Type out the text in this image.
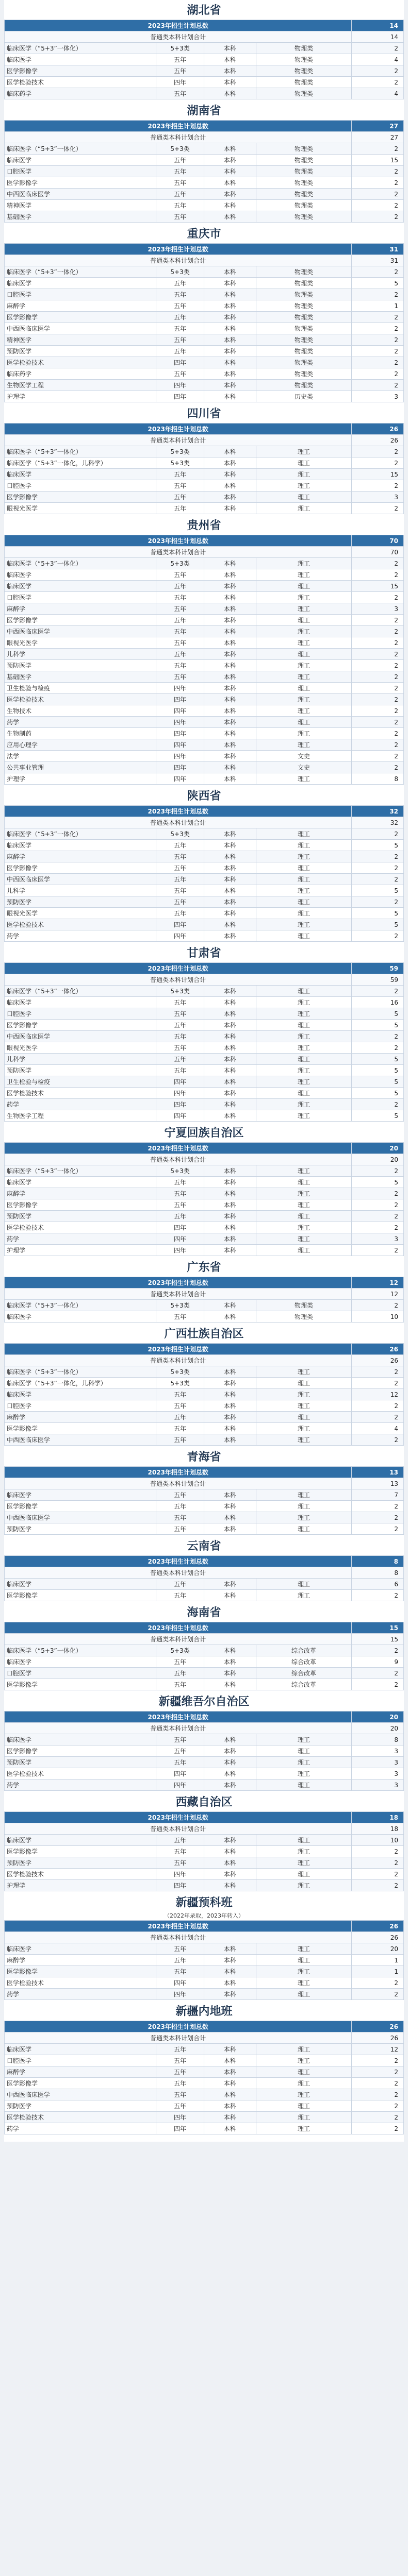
湖北省
2023年招生计划总数				14
普通类本科计划合计				14
临床医学（“5+3”一体化）	5+3类	本科	物理类	2
临床医学	五年	本科	物理类	4
医学影像学	五年	本科	物理类	2
医学检验技术	四年	本科	物理类	2
临床药学	五年	本科	物理类	4
湖南省
2023年招生计划总数				27
普通类本科计划合计				27
临床医学（“5+3”一体化）	5+3类	本科	物理类	2
临床医学	五年	本科	物理类	15
口腔医学	五年	本科	物理类	2
医学影像学	五年	本科	物理类	2
中西医临床医学	五年	本科	物理类	2
精神医学	五年	本科	物理类	2
基础医学	五年	本科	物理类	2
重庆市
2023年招生计划总数				31
普通类本科计划合计				31
临床医学（“5+3”一体化）	5+3类	本科	物理类	2
临床医学	五年	本科	物理类	5
口腔医学	五年	本科	物理类	2
麻醉学	五年	本科	物理类	1
医学影像学	五年	本科	物理类	2
中西医临床医学	五年	本科	物理类	2
精神医学	五年	本科	物理类	2
预防医学	五年	本科	物理类	2
医学检验技术	四年	本科	物理类	2
临床药学	五年	本科	物理类	2
生物医学工程	四年	本科	物理类	2
护理学	四年	本科	历史类	3
四川省
2023年招生计划总数				26
普通类本科计划合计				26
临床医学（“5+3”一体化）	5+3类	本科	理工	2
临床医学（“5+3”一体化，儿科学）	5+3类	本科	理工	2
临床医学	五年	本科	理工	15
口腔医学	五年	本科	理工	2
医学影像学	五年	本科	理工	3
眼视光医学	五年	本科	理工	2
贵州省
2023年招生计划总数				70
普通类本科计划合计				70
临床医学（“5+3”一体化）	5+3类	本科	理工	2
临床医学	五年	本科	理工	2
临床医学	五年	本科	理工	15
口腔医学	五年	本科	理工	2
麻醉学	五年	本科	理工	3
医学影像学	五年	本科	理工	2
中西医临床医学	五年	本科	理工	2
眼视光医学	五年	本科	理工	2
儿科学	五年	本科	理工	2
预防医学	五年	本科	理工	2
基础医学	五年	本科	理工	2
卫生检验与检疫	四年	本科	理工	2
医学检验技术	四年	本科	理工	2
生物技术	四年	本科	理工	2
药学	四年	本科	理工	2
生物制药	四年	本科	理工	2
应用心理学	四年	本科	理工	2
法学	四年	本科	文史	2
公共事业管理	四年	本科	文史	2
护理学	四年	本科	理工	8
陕西省
2023年招生计划总数				32
普通类本科计划合计				32
临床医学（“5+3”一体化）	5+3类	本科	理工	2
临床医学	五年	本科	理工	5
麻醉学	五年	本科	理工	2
医学影像学	五年	本科	理工	2
中西医临床医学	五年	本科	理工	2
儿科学	五年	本科	理工	5
预防医学	五年	本科	理工	2
眼视光医学	五年	本科	理工	5
医学检验技术	四年	本科	理工	5
药学	四年	本科	理工	2
甘肃省
2023年招生计划总数				59
普通类本科计划合计				59
临床医学（“5+3”一体化）	5+3类	本科	理工	2
临床医学	五年	本科	理工	16
口腔医学	五年	本科	理工	5
医学影像学	五年	本科	理工	5
中西医临床医学	五年	本科	理工	2
眼视光医学	五年	本科	理工	2
儿科学	五年	本科	理工	5
预防医学	五年	本科	理工	5
卫生检验与检疫	四年	本科	理工	5
医学检验技术	四年	本科	理工	5
药学	四年	本科	理工	2
生物医学工程	四年	本科	理工	5
宁夏回族自治区
2023年招生计划总数				20
普通类本科计划合计				20
临床医学（“5+3”一体化）	5+3类	本科	理工	2
临床医学	五年	本科	理工	5
麻醉学	五年	本科	理工	2
医学影像学	五年	本科	理工	2
预防医学	五年	本科	理工	2
医学检验技术	四年	本科	理工	2
药学	四年	本科	理工	3
护理学	四年	本科	理工	2
广东省
2023年招生计划总数				12
普通类本科计划合计				12
临床医学（“5+3”一体化）	5+3类	本科	物理类	2
临床医学	五年	本科	物理类	10
广西壮族自治区
2023年招生计划总数				26
普通类本科计划合计				26
临床医学（“5+3”一体化）	5+3类	本科	理工	2
临床医学（“5+3”一体化，儿科学）	5+3类	本科	理工	2
临床医学	五年	本科	理工	12
口腔医学	五年	本科	理工	2
麻醉学	五年	本科	理工	2
医学影像学	五年	本科	理工	4
中西医临床医学	五年	本科	理工	2
青海省
2023年招生计划总数				13
普通类本科计划合计				13
临床医学	五年	本科	理工	7
医学影像学	五年	本科	理工	2
中西医临床医学	五年	本科	理工	2
预防医学	五年	本科	理工	2
云南省
2023年招生计划总数				8
普通类本科计划合计				8
临床医学	五年	本科	理工	6
医学影像学	五年	本科	理工	2
海南省
2023年招生计划总数				15
普通类本科计划合计				15
临床医学（“5+3”一体化）	5+3类	本科	综合改革	2
临床医学	五年	本科	综合改革	9
口腔医学	五年	本科	综合改革	2
医学影像学	五年	本科	综合改革	2
新疆维吾尔自治区
2023年招生计划总数				20
普通类本科计划合计				20
临床医学	五年	本科	理工	8
医学影像学	五年	本科	理工	3
预防医学	五年	本科	理工	3
医学检验技术	四年	本科	理工	3
药学	四年	本科	理工	3
西藏自治区
2023年招生计划总数				18
普通类本科计划合计				18
临床医学	五年	本科	理工	10
医学影像学	五年	本科	理工	2
预防医学	五年	本科	理工	2
医学检验技术	四年	本科	理工	2
护理学	四年	本科	理工	2
新疆预科班
（2022年录取，2023年转入）
2023年招生计划总数				26
普通类本科计划合计				26
临床医学	五年	本科	理工	20
麻醉学	五年	本科	理工	1
医学影像学	五年	本科	理工	1
医学检验技术	四年	本科	理工	2
药学	四年	本科	理工	2
新疆内地班
2023年招生计划总数				26
普通类本科计划合计				26
临床医学	五年	本科	理工	12
口腔医学	五年	本科	理工	2
麻醉学	五年	本科	理工	2
医学影像学	五年	本科	理工	2
中西医临床医学	五年	本科	理工	2
预防医学	五年	本科	理工	2
医学检验技术	四年	本科	理工	2
药学	四年	本科	理工	2
